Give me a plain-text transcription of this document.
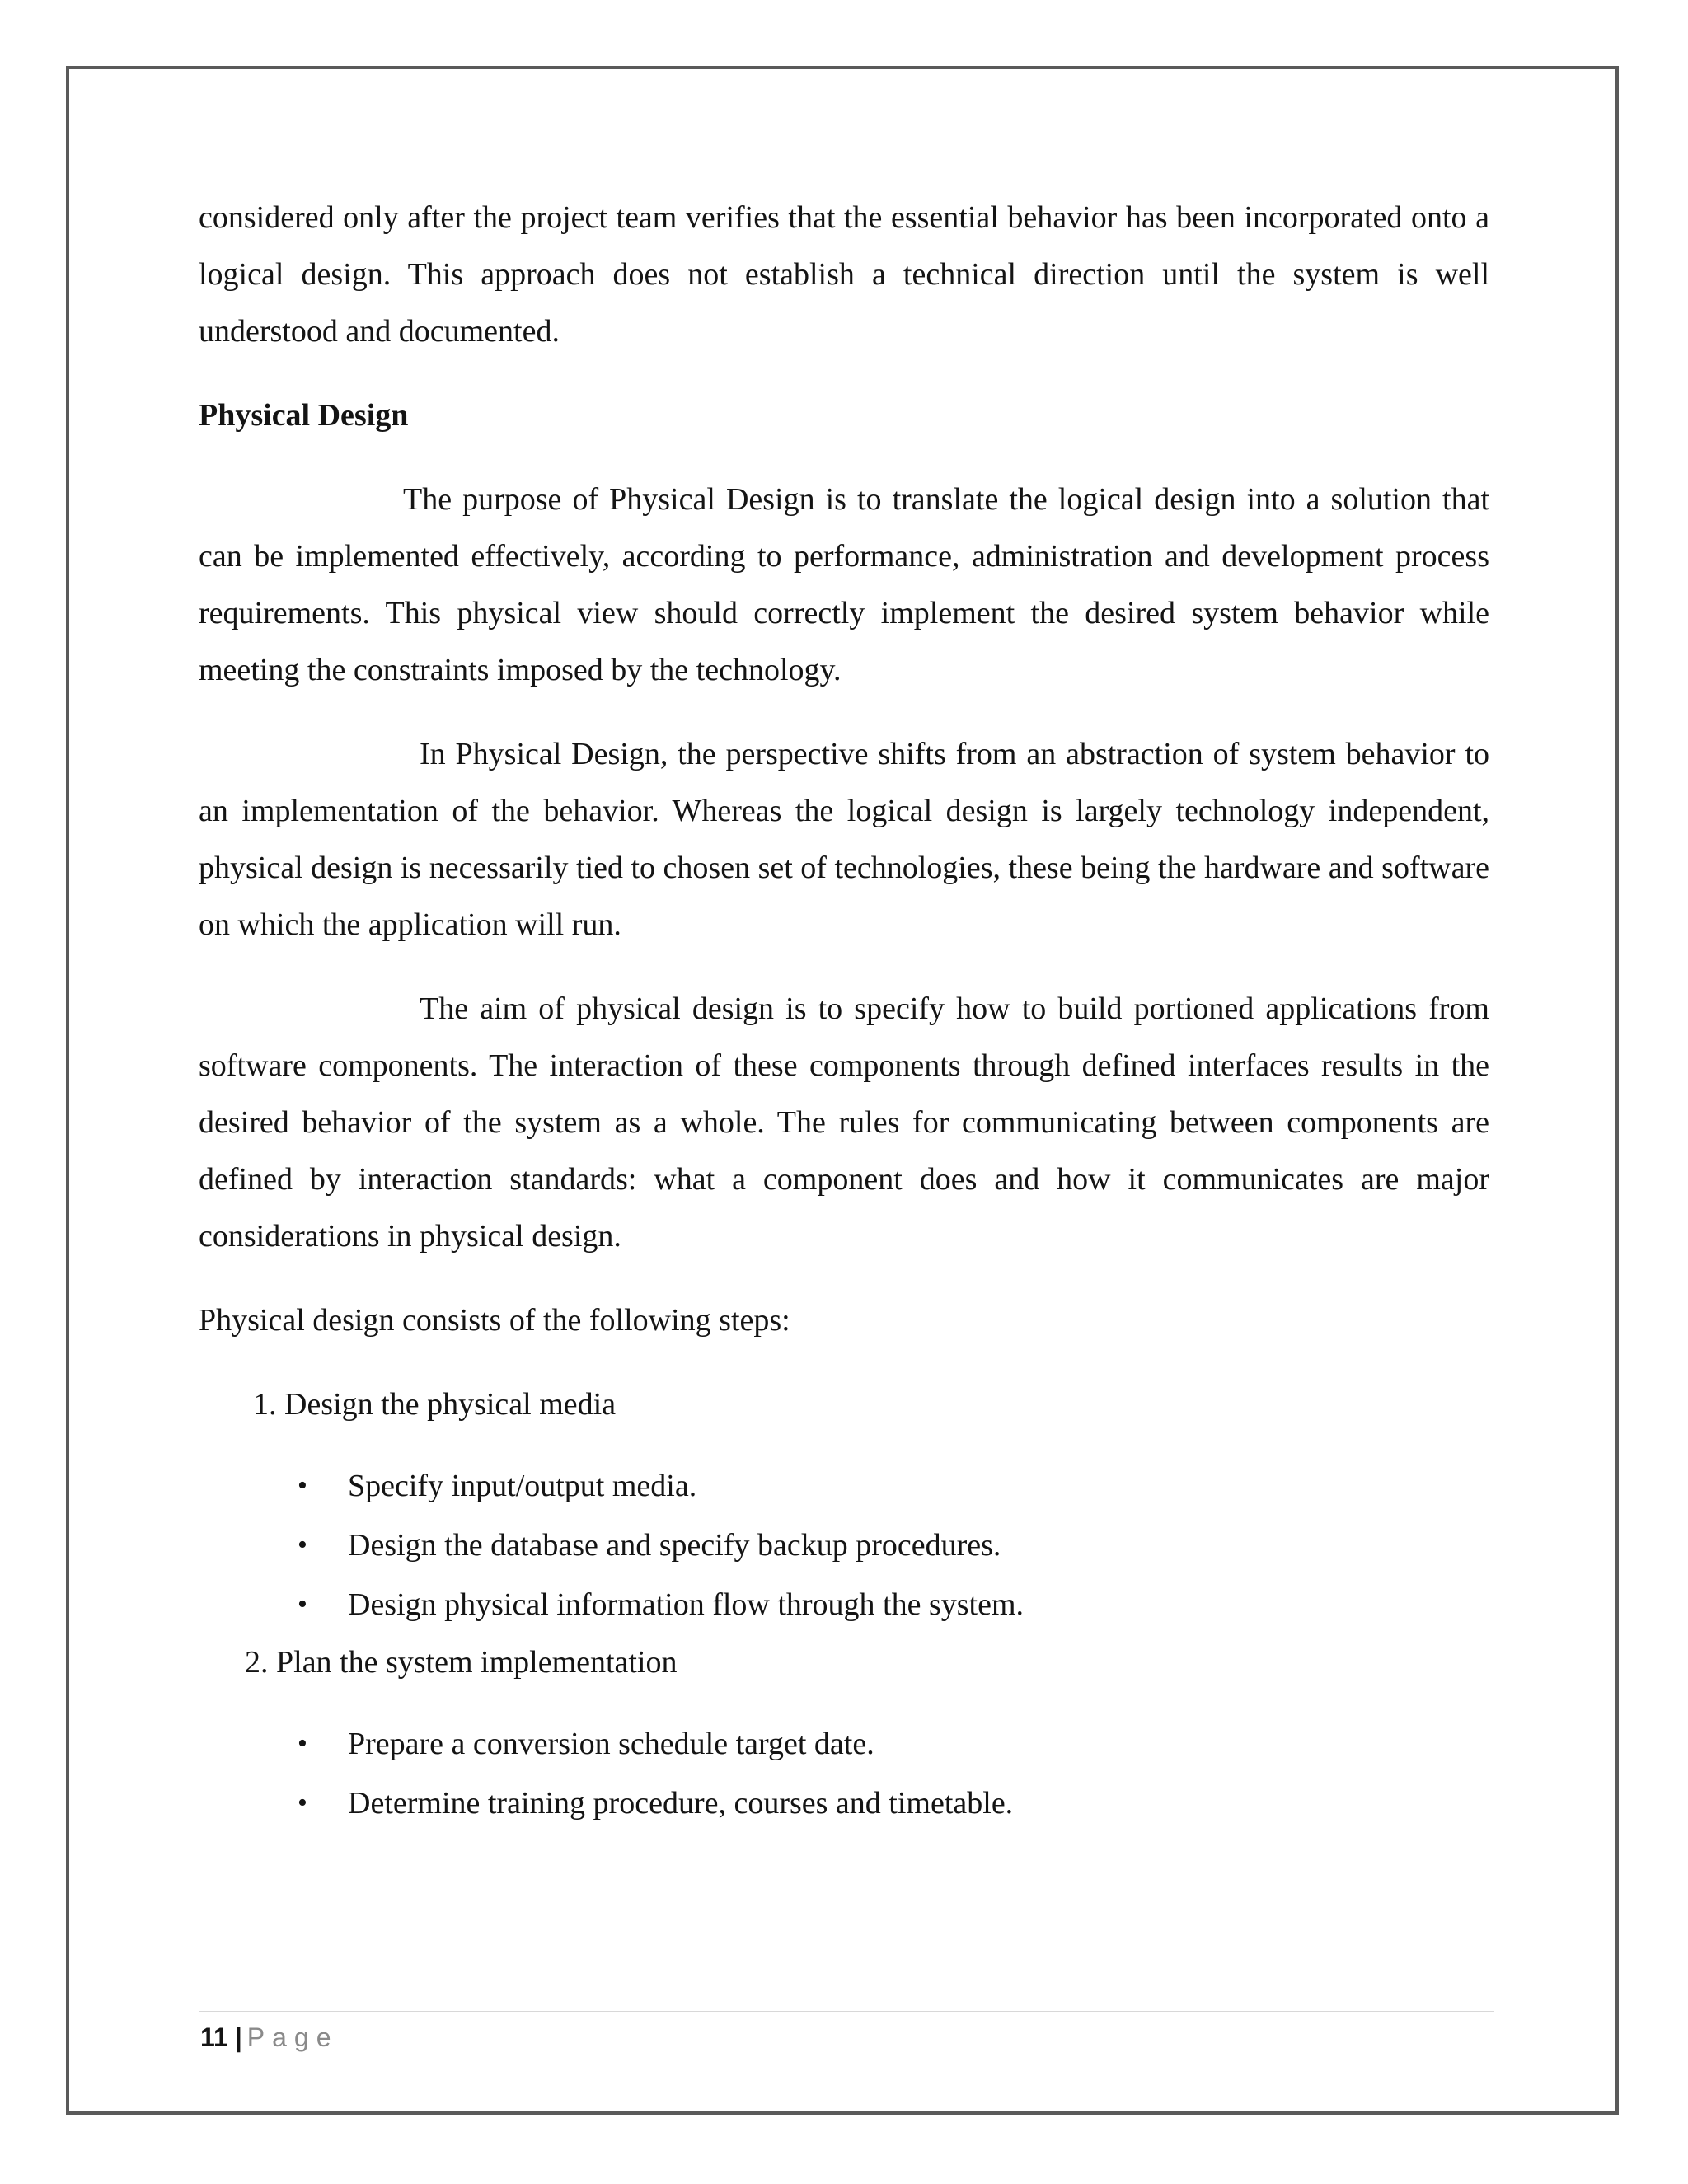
considered only after the project team verifies that the essential behavior has been incorporated onto a logical design. This approach does not establish a technical direction until the system is well understood and documented.

Physical Design

The purpose of Physical Design is to translate the logical design into a solution that can be implemented effectively, according to performance, administration and development process requirements. This physical view should correctly implement the desired system behavior while meeting the constraints imposed by the technology.

In Physical Design, the perspective shifts from an abstraction of system behavior to an implementation of the behavior. Whereas the logical design is largely technology independent, physical design is necessarily tied to chosen set of technologies, these being the hardware and software on which the application will run.

The aim of physical design is to specify how to build portioned applications from software components. The interaction of these components through defined interfaces results in the desired behavior of the system as a whole. The rules for communicating between components are defined by interaction standards: what a component does and how it communicates are major considerations in physical design.

Physical design consists of the following steps:
1. Design the physical media
• Specify input/output media.
• Design the database and specify backup procedures.
• Design physical information flow through the system.
2. Plan the system implementation
• Prepare a conversion schedule target date.
• Determine training procedure, courses and timetable.
11 | Page
